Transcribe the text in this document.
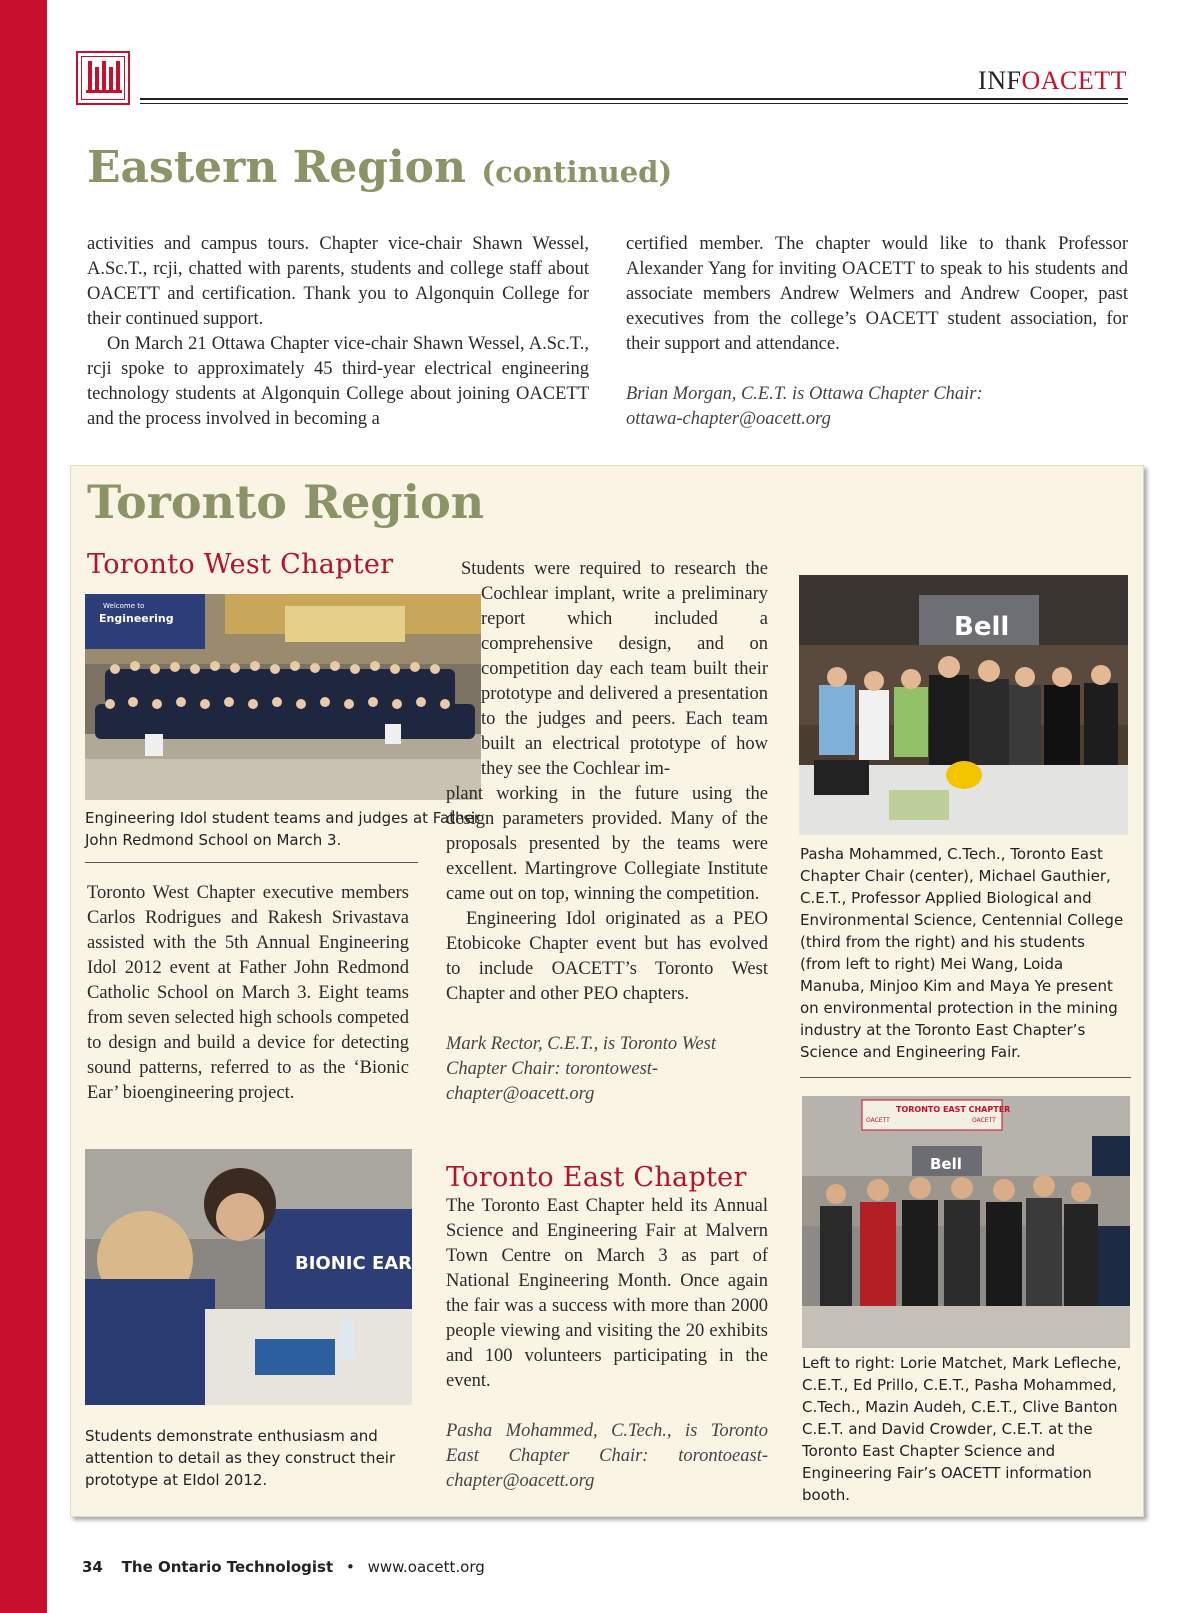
INFOACETT
Eastern Region (continued)

activities and campus tours. Chapter vice-chair Shawn Wessel, A.Sc.T., rcji, chatted with parents, students and college staff about OACETT and certification. Thank you to Algonquin College for their continued support.

On March 21 Ottawa Chapter vice-chair Shawn Wessel, A.Sc.T., rcji spoke to approximately 45 third-year electrical engineering technology students at Algonquin College about joining OACETT and the process involved in becoming a

certified member. The chapter would like to thank Professor Alexander Yang for inviting OACETT to speak to his students and associate members Andrew Welmers and Andrew Cooper, past executives from the college’s OACETT student association, for their support and attendance.

Brian Morgan, C.E.T. is Ottawa Chapter Chair:
ottawa-chapter@oacett.org

Toronto Region
Toronto West Chapter
Engineering
Welcome to
Engineering Idol student teams and judges at Father John Redmond School on March 3.

Toronto West Chapter executive members Carlos Rodrigues and Rakesh Srivastava assisted with the 5th Annual Engineering Idol 2012 event at Father John Redmond Catholic School on March 3. Eight teams from seven selected high schools competed to design and build a device for detecting sound patterns, referred to as the ‘Bionic Ear’ bioengineering project.

BIONIC EAR
Students demonstrate enthusiasm and attention to detail as they construct their prototype at EIdol 2012.

Students were required to research the Cochlear implant, write a preliminary report which included a comprehensive design, and on competition day each team built their prototype and delivered a presentation to the judges and peers. Each team built an electrical prototype of how they see the Cochlear im-

plant working in the future using the design parameters provided. Many of the proposals presented by the teams were excellent. Martingrove Collegiate Institute came out on top, winning the competition.

Engineering Idol originated as a PEO Etobicoke Chapter event but has evolved to include OACETT’s Toronto West Chapter and other PEO chapters.

Mark Rector, C.E.T., is Toronto West Chapter Chair: torontowest-chapter@oacett.org

Toronto East Chapter

The Toronto East Chapter held its Annual Science and Engineering Fair at Malvern Town Centre on March 3 as part of National Engineering Month. Once again the fair was a success with more than 2000 people viewing and visiting the 20 exhibits and 100 volunteers participating in the event.

Pasha Mohammed, C.Tech., is Toronto East Chapter Chair: torontoeast-chapter@oacett.org

Bell
Pasha Mohammed, C.Tech., Toronto East Chapter Chair (center), Michael Gauthier, C.E.T., Professor Applied Biological and Environmental Science, Centennial College (third from the right) and his students (from left to right) Mei Wang, Loida Manuba, Minjoo Kim and Maya Ye present on environmental protection in the mining industry at the Toronto East Chapter’s Science and Engineering Fair.
TORONTO EAST CHAPTER
OACETT	OACETT
Bell
Left to right: Lorie Matchet, Mark Lefleche, C.E.T., Ed Prillo, C.E.T., Pasha Mohammed, C.Tech., Mazin Audeh, C.E.T., Clive Banton C.E.T. and David Crowder, C.E.T. at the Toronto East Chapter Science and Engineering Fair’s OACETT information booth.
34 The Ontario Technologist • www.oacett.org
